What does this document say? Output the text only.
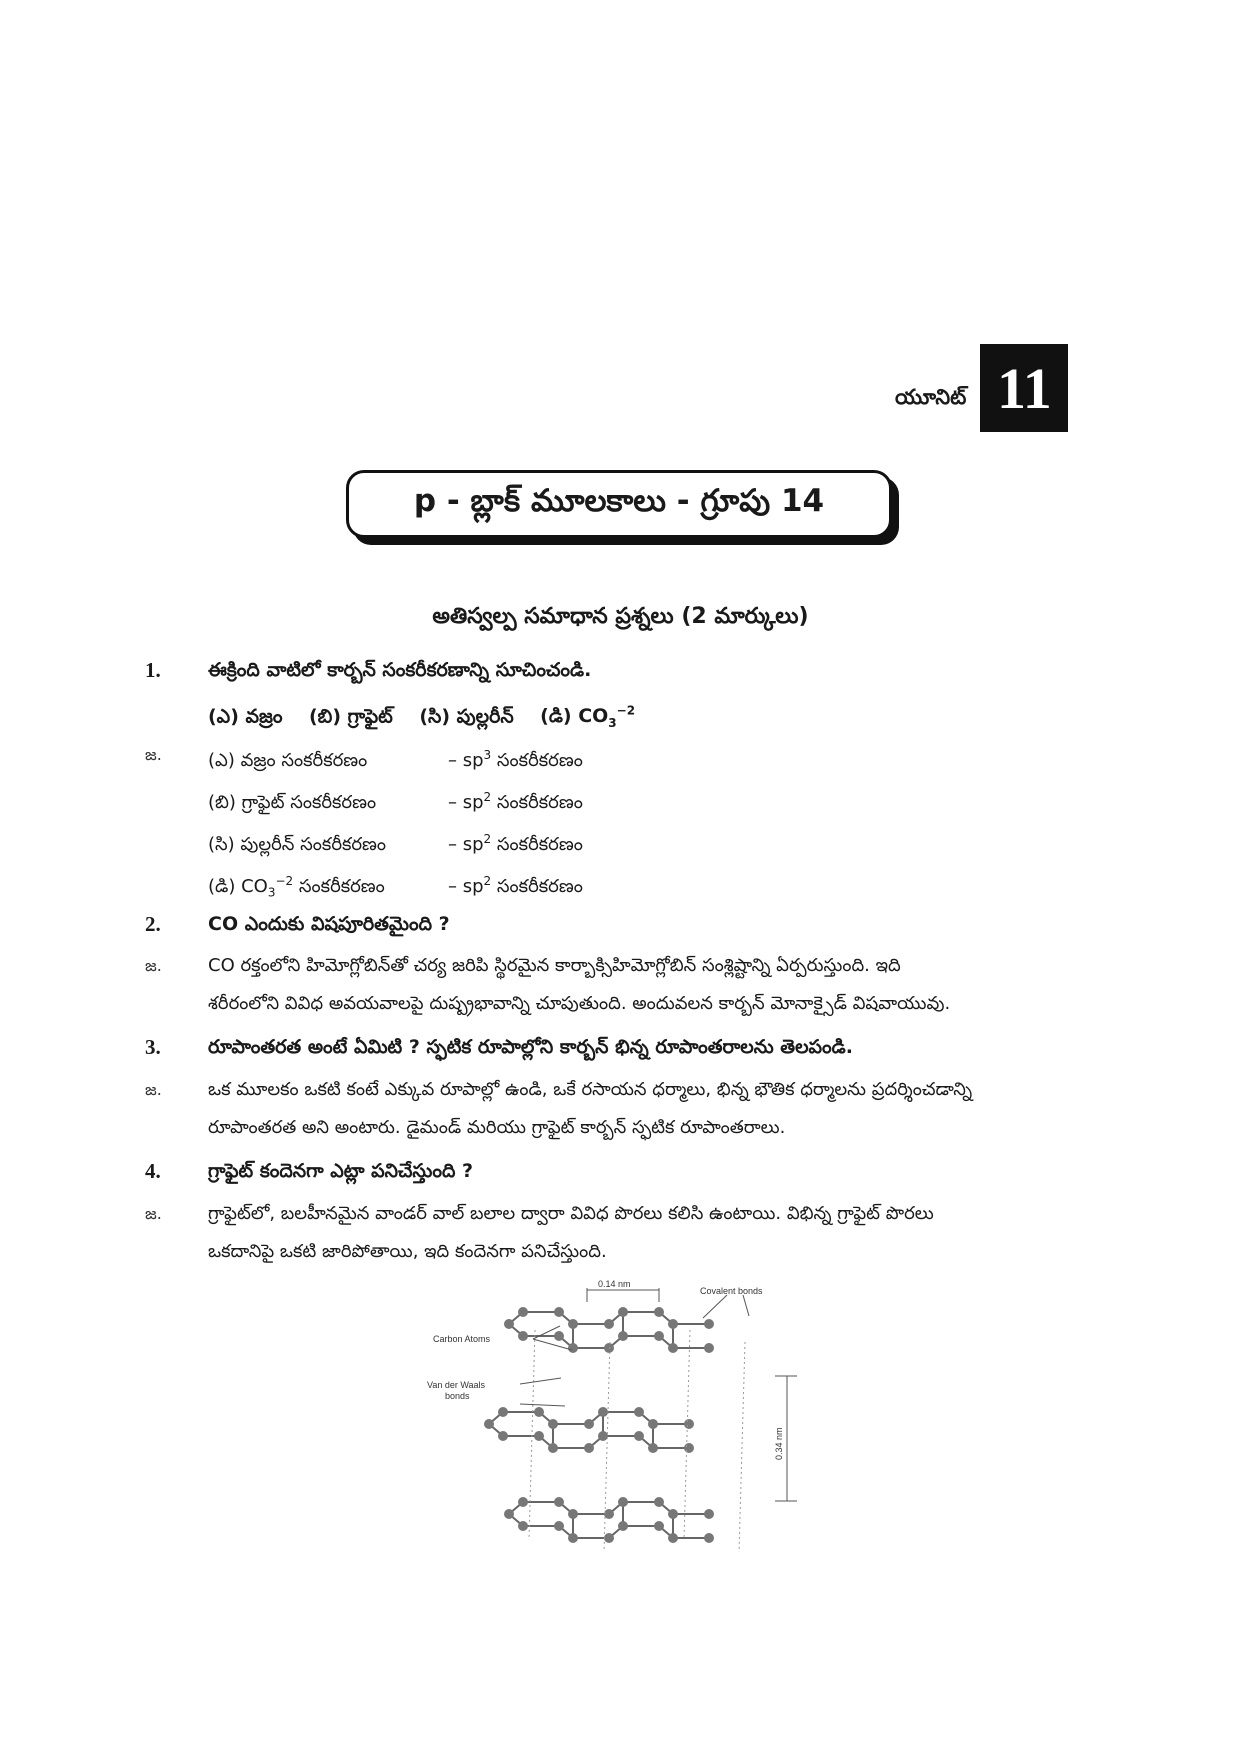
యూనిట్ 11
p - బ్లాక్ మూలకాలు - గ్రూపు 14
అతిస్వల్ప సమాధాన ప్రశ్నలు (2 మార్కులు)
1.	ఈక్రింది వాటిలో కార్బన్ సంకరీకరణాన్ని సూచించండి.
(ఎ) వజ్రం (బి) గ్రాఫైట్ (సి) పుల్లరీన్ (డి) $CO_3^{-2}$
జ.	(ఎ) వజ్రం సంకరీకరణం	– $sp^3$ సంకరీకరణం
(బి) గ్రాఫైట్ సంకరీకరణం	– $sp^2$ సంకరీకరణం
(సి) పుల్లరీన్ సంకరీకరణం	– $sp^2$ సంకరీకరణం
(డి) $CO_3^{-2}$ సంకరీకరణం	– $sp^2$ సంకరీకరణం
2.	CO ఎందుకు విషపూరితమైంది ?
జ.	CO రక్తంలోని హిమోగ్లోబిన్‌తో చర్య జరిపి స్థిరమైన కార్బాక్సిహిమోగ్లోబిన్ సంశ్లిష్టాన్ని ఏర్పరుస్తుంది. ఇది
శరీరంలోని వివిధ అవయవాలపై దుష్ప్రభావాన్ని చూపుతుంది. అందువలన కార్బన్ మోనాక్సైడ్ విషవాయువు.
3.	రూపాంతరత అంటే ఏమిటి ? స్ఫటిక రూపాల్లోని కార్బన్ భిన్న రూపాంతరాలను తెలపండి.
జ.	ఒక మూలకం ఒకటి కంటే ఎక్కువ రూపాల్లో ఉండి, ఒకే రసాయన ధర్మాలు, భిన్న భౌతిక ధర్మాలను ప్రదర్శించడాన్ని
రూపాంతరత అని అంటారు. డైమండ్ మరియు గ్రాఫైట్ కార్బన్ స్ఫటిక రూపాంతరాలు.
4.	గ్రాఫైట్ కందెనగా ఎట్లా పనిచేస్తుంది ?
జ.	గ్రాఫైట్‌లో, బలహీనమైన వాండర్ వాల్ బలాల ద్వారా వివిధ పొరలు కలిసి ఉంటాయి. విభిన్న గ్రాఫైట్ పొరలు
ఒకదానిపై ఒకటి జారిపోతాయి, ఇది కందెనగా పనిచేస్తుంది.
0.14 nm
Covalent bonds
Carbon Atoms
Van der Waals
bonds
0.34 nm
